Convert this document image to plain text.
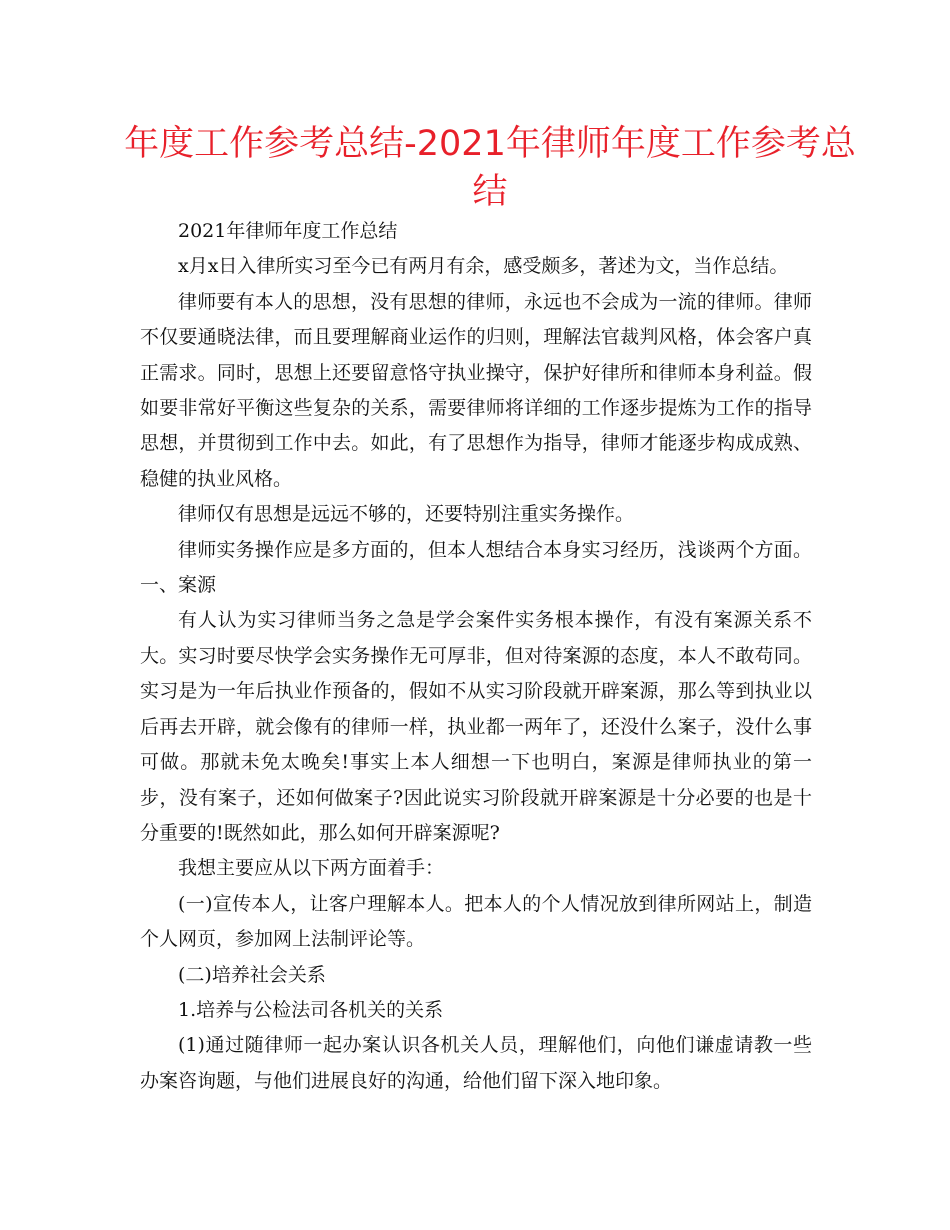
年度工作参考总结-2021年律师年度工作参考总结

2021年律师年度工作总结

x月x日入律所实习至今已有两月有余，感受颇多，著述为文，当作总结。

律师要有本人的思想，没有思想的律师，永远也不会成为一流的律师。律师不仅要通晓法律，而且要理解商业运作的归则，理解法官裁判风格，体会客户真正需求。同时，思想上还要留意恪守执业操守，保护好律所和律师本身利益。假如要非常好平衡这些复杂的关系，需要律师将详细的工作逐步提炼为工作的指导思想，并贯彻到工作中去。如此，有了思想作为指导，律师才能逐步构成成熟、稳健的执业风格。

律师仅有思想是远远不够的，还要特别注重实务操作。

律师实务操作应是多方面的，但本人想结合本身实习经历，浅谈两个方面。一、案源

有人认为实习律师当务之急是学会案件实务根本操作，有没有案源关系不大。实习时要尽快学会实务操作无可厚非，但对待案源的态度，本人不敢苟同。实习是为一年后执业作预备的，假如不从实习阶段就开辟案源，那么等到执业以后再去开辟，就会像有的律师一样，执业都一两年了，还没什么案子，没什么事可做。那就未免太晚矣!事实上本人细想一下也明白，案源是律师执业的第一步，没有案子，还如何做案子?因此说实习阶段就开辟案源是十分必要的也是十分重要的!既然如此，那么如何开辟案源呢?

我想主要应从以下两方面着手：

(一)宣传本人，让客户理解本人。把本人的个人情况放到律所网站上，制造个人网页，参加网上法制评论等。

(二)培养社会关系

1.培养与公检法司各机关的关系

(1)通过随律师一起办案认识各机关人员，理解他们，向他们谦虚请教一些办案咨询题，与他们进展良好的沟通，给他们留下深入地印象。
